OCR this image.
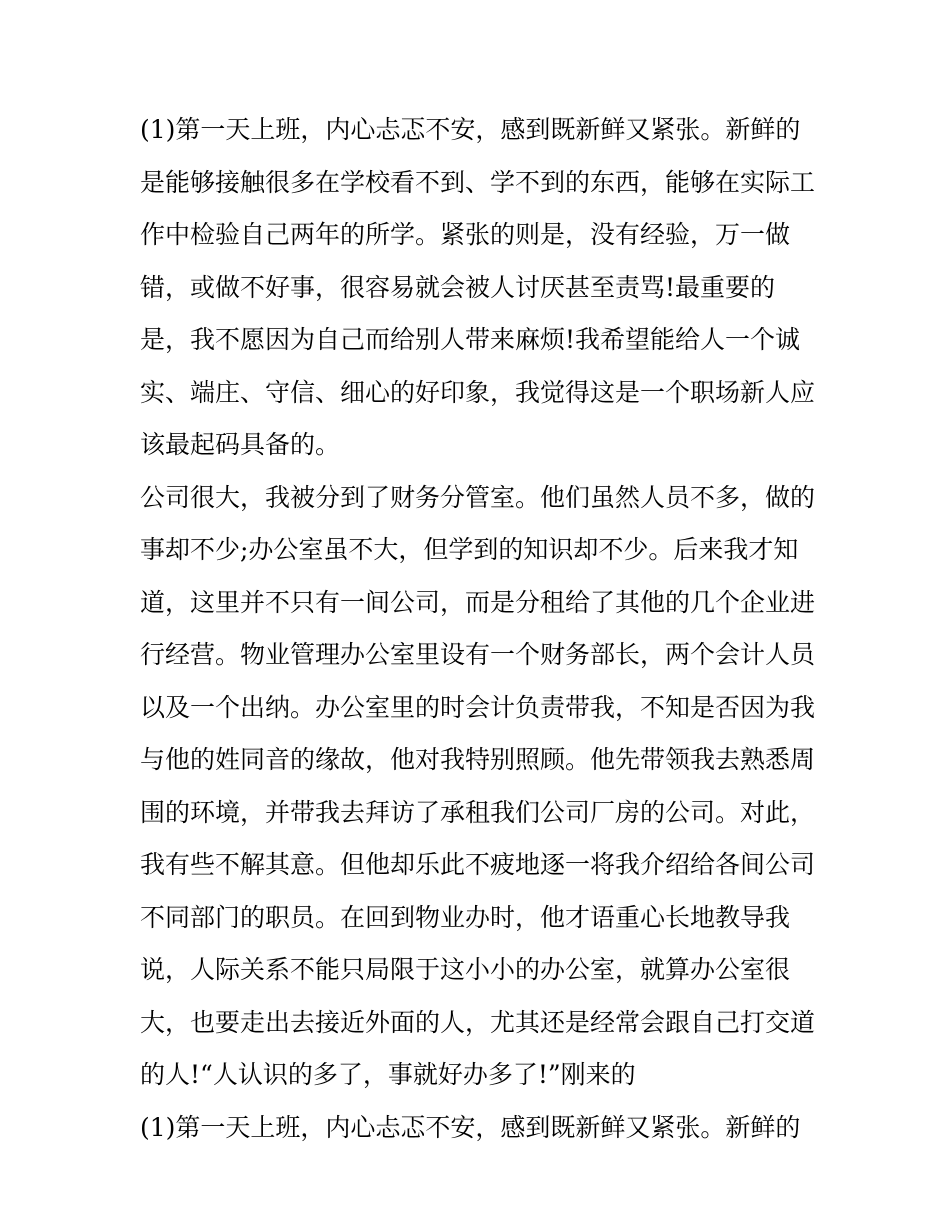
(1)第一天上班，内心忐忑不安，感到既新鲜又紧张。新鲜的
是能够接触很多在学校看不到、学不到的东西，能够在实际工
作中检验自己两年的所学。紧张的则是，没有经验，万一做
错，或做不好事，很容易就会被人讨厌甚至责骂!最重要的
是，我不愿因为自己而给别人带来麻烦!我希望能给人一个诚
实、端庄、守信、细心的好印象，我觉得这是一个职场新人应
该最起码具备的。
公司很大，我被分到了财务分管室。他们虽然人员不多，做的
事却不少;办公室虽不大，但学到的知识却不少。后来我才知
道，这里并不只有一间公司，而是分租给了其他的几个企业进
行经营。物业管理办公室里设有一个财务部长，两个会计人员
以及一个出纳。办公室里的时会计负责带我，不知是否因为我
与他的姓同音的缘故，他对我特别照顾。他先带领我去熟悉周
围的环境，并带我去拜访了承租我们公司厂房的公司。对此，
我有些不解其意。但他却乐此不疲地逐一将我介绍给各间公司
不同部门的职员。在回到物业办时，他才语重心长地教导我
说，人际关系不能只局限于这小小的办公室，就算办公室很
大，也要走出去接近外面的人，尤其还是经常会跟自己打交道
的人!“人认识的多了，事就好办多了!”刚来的
(1)第一天上班，内心忐忑不安，感到既新鲜又紧张。新鲜的
